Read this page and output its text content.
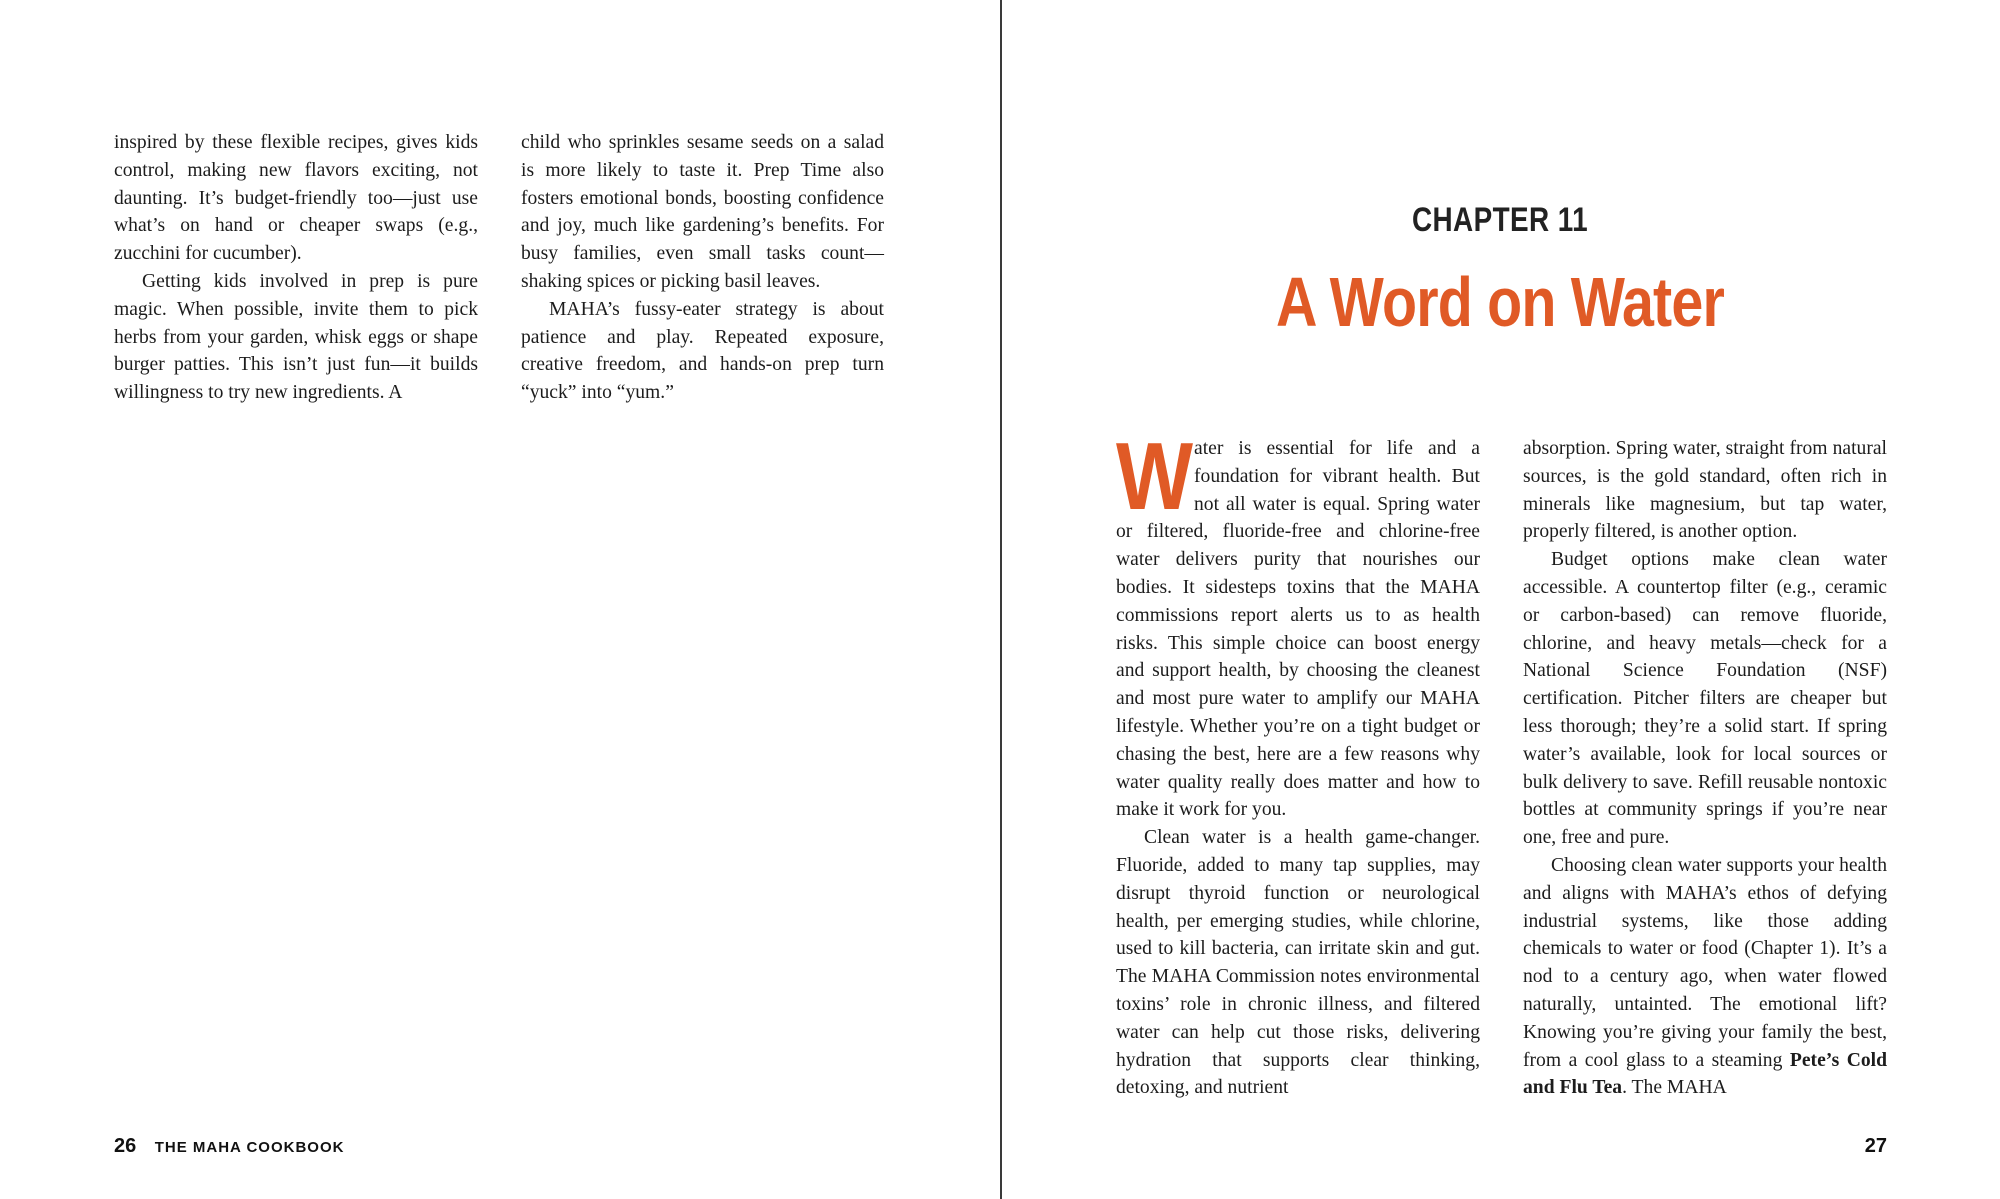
inspired by these flexible recipes, gives kids control, making new flavors exciting, not daunting. It’s budget-friendly too—just use what’s on hand or cheaper swaps (e.g., zucchini for cucumber).

Getting kids involved in prep is pure magic. When possible, invite them to pick herbs from your garden, whisk eggs or shape burger patties. This isn’t just fun—it builds willingness to try new ingredients. A

child who sprinkles sesame seeds on a salad is more likely to taste it. Prep Time also fosters emotional bonds, boosting confidence and joy, much like gardening’s benefits. For busy families, even small tasks count—shaking spices or picking basil leaves.

MAHA’s fussy-eater strategy is about patience and play. Repeated exposure, creative freedom, and hands-on prep turn “yuck” into “yum.”

26 THE MAHA COOKBOOK
CHAPTER 11
A Word on Water

Water is essential for life and a foundation for vibrant health. But not all water is equal. Spring water or filtered, fluoride-free and chlorine-free water delivers purity that nourishes our bodies. It sidesteps toxins that the MAHA commissions report alerts us to as health risks. This simple choice can boost energy and support health, by choosing the cleanest and most pure water to amplify our MAHA lifestyle. Whether you’re on a tight budget or chasing the best, here are a few reasons why water quality really does matter and how to make it work for you.

Clean water is a health game-changer. Fluoride, added to many tap supplies, may disrupt thyroid function or neurological health, per emerging studies, while chlorine, used to kill bacteria, can irritate skin and gut. The MAHA Commission notes environmental toxins’ role in chronic illness, and filtered water can help cut those risks, delivering hydration that supports clear thinking, detoxing, and nutrient

absorption. Spring water, straight from natural sources, is the gold standard, often rich in minerals like magnesium, but tap water, properly filtered, is another option.

Budget options make clean water accessible. A countertop filter (e.g., ceramic or carbon-based) can remove fluoride, chlorine, and heavy metals—check for a National Science Foundation (NSF) certification. Pitcher filters are cheaper but less thorough; they’re a solid start. If spring water’s available, look for local sources or bulk delivery to save. Refill reusable nontoxic bottles at community springs if you’re near one, free and pure.

Choosing clean water supports your health and aligns with MAHA’s ethos of defying industrial systems, like those adding chemicals to water or food (Chapter 1). It’s a nod to a century ago, when water flowed naturally, untainted. The emotional lift? Knowing you’re giving your family the best, from a cool glass to a steaming Pete’s Cold and Flu Tea. The MAHA

27
